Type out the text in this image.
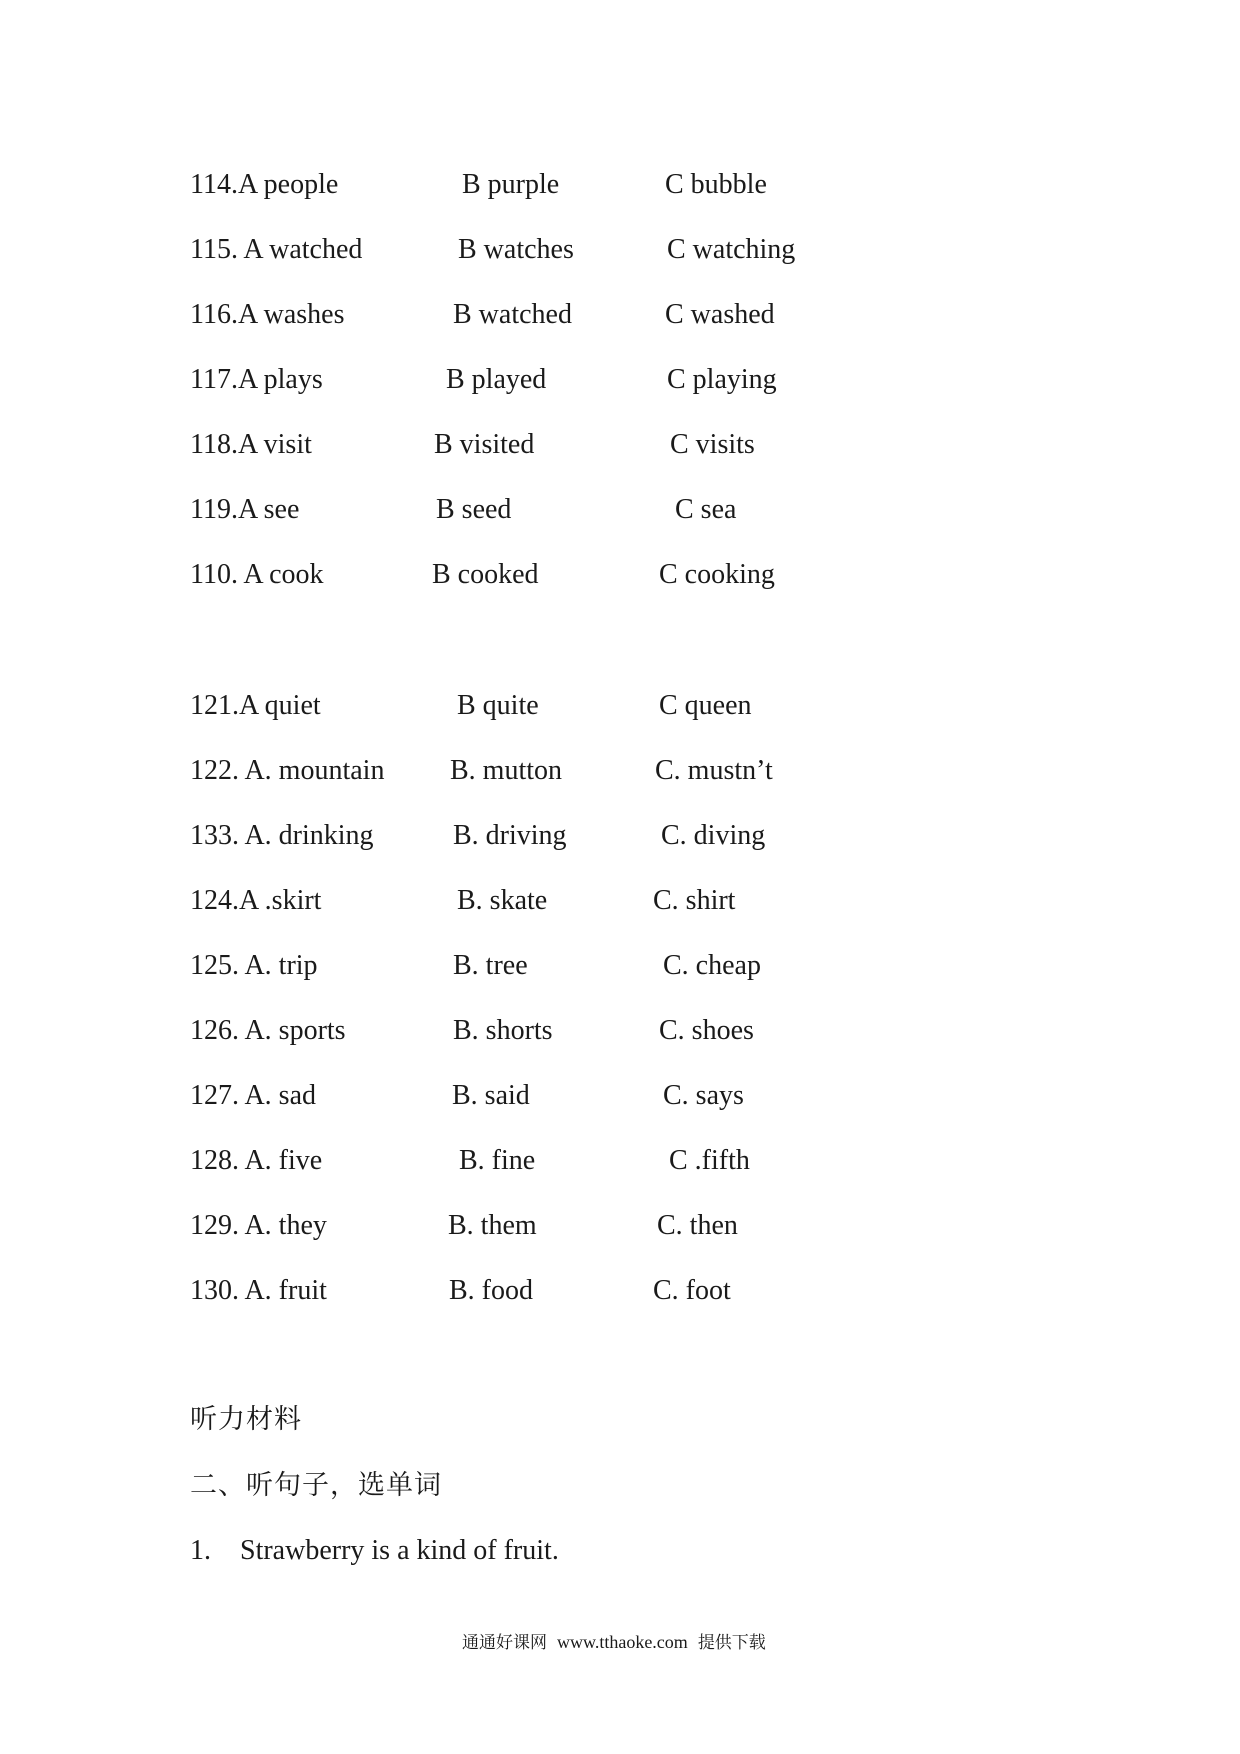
114.A people	B purple	C bubble
115. A watched	B watches	C watching
116.A washes	B watched	C washed
117.A plays	B played	C playing
118.A visit	B visited	C visits
119.A see	B seed	C sea
110. A cook	B cooked	C cooking
121.A quiet	B quite	C queen
122. A. mountain B. mutton	C. mustn’t
133. A. drinking	B. driving	C. diving
124.A .skirt	B. skate	C. shirt
125. A. trip	B. tree	C. cheap
126. A. sports	B. shorts	C. shoes
127. A. sad	B. said	C. says
128. A. five	B. fine	C .fifth
129. A. they	B. them	C. then
130. A. fruit	B. food	C. foot
听力材料
二、听句子，选单词
1. Strawberry is a kind of fruit.
通通好课网 www.tthaoke.com 提供下载
